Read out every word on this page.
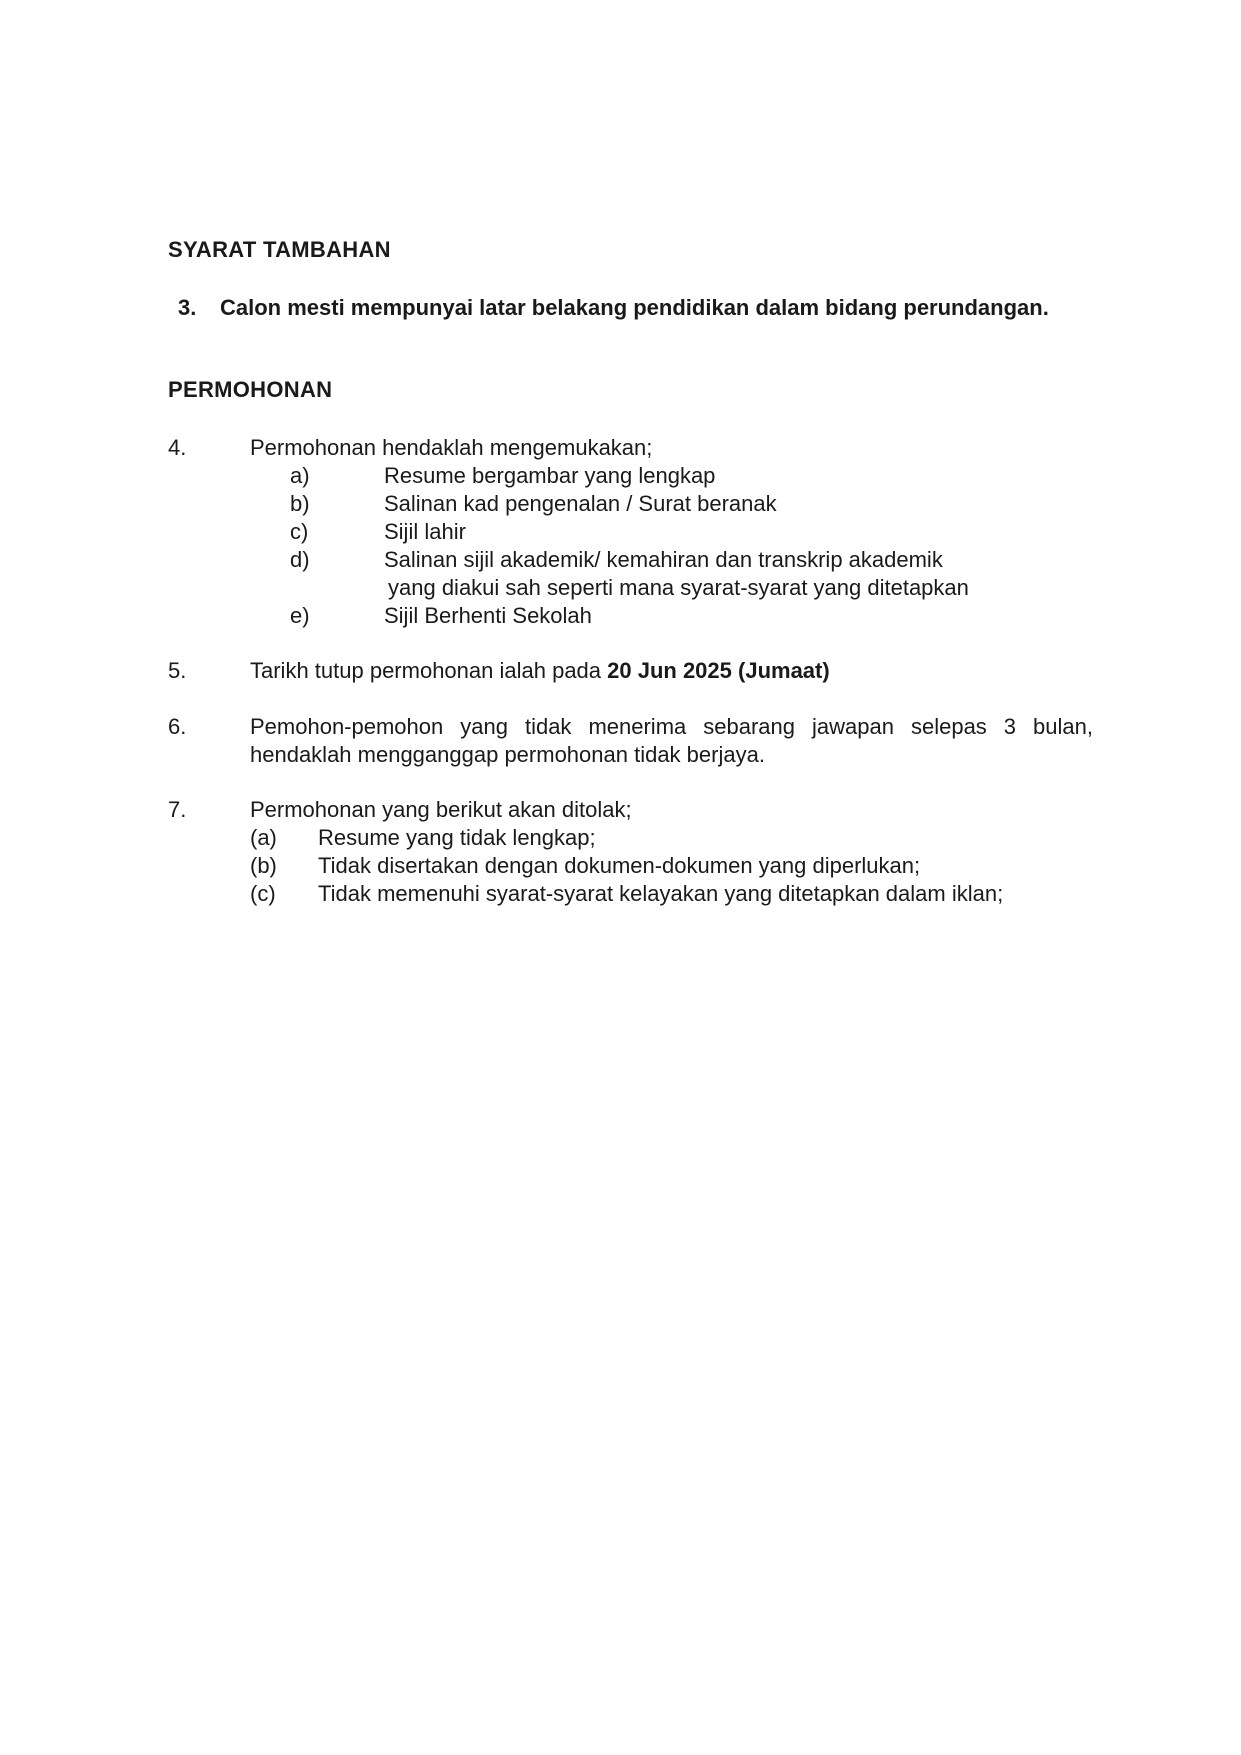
SYARAT TAMBAHAN
3. Calon mesti mempunyai latar belakang pendidikan dalam bidang perundangan.
PERMOHONAN
4.	Permohonan hendaklah mengemukakan;
a)	Resume bergambar yang lengkap
b)	Salinan kad pengenalan / Surat beranak
c)	Sijil lahir
d)	Salinan sijil akademik/ kemahiran dan transkrip akademik
yang diakui sah seperti mana syarat-syarat yang ditetapkan
e)	Sijil Berhenti Sekolah
5.	Tarikh tutup permohonan ialah pada 20 Jun 2025 (Jumaat)
6.	Pemohon-pemohon yang tidak menerima sebarang jawapan selepas 3 bulan, hendaklah mengganggap permohonan tidak berjaya.
7.	Permohonan yang berikut akan ditolak;
(a) Resume yang tidak lengkap;
(b) Tidak disertakan dengan dokumen-dokumen yang diperlukan;
(c) Tidak memenuhi syarat-syarat kelayakan yang ditetapkan dalam iklan;
